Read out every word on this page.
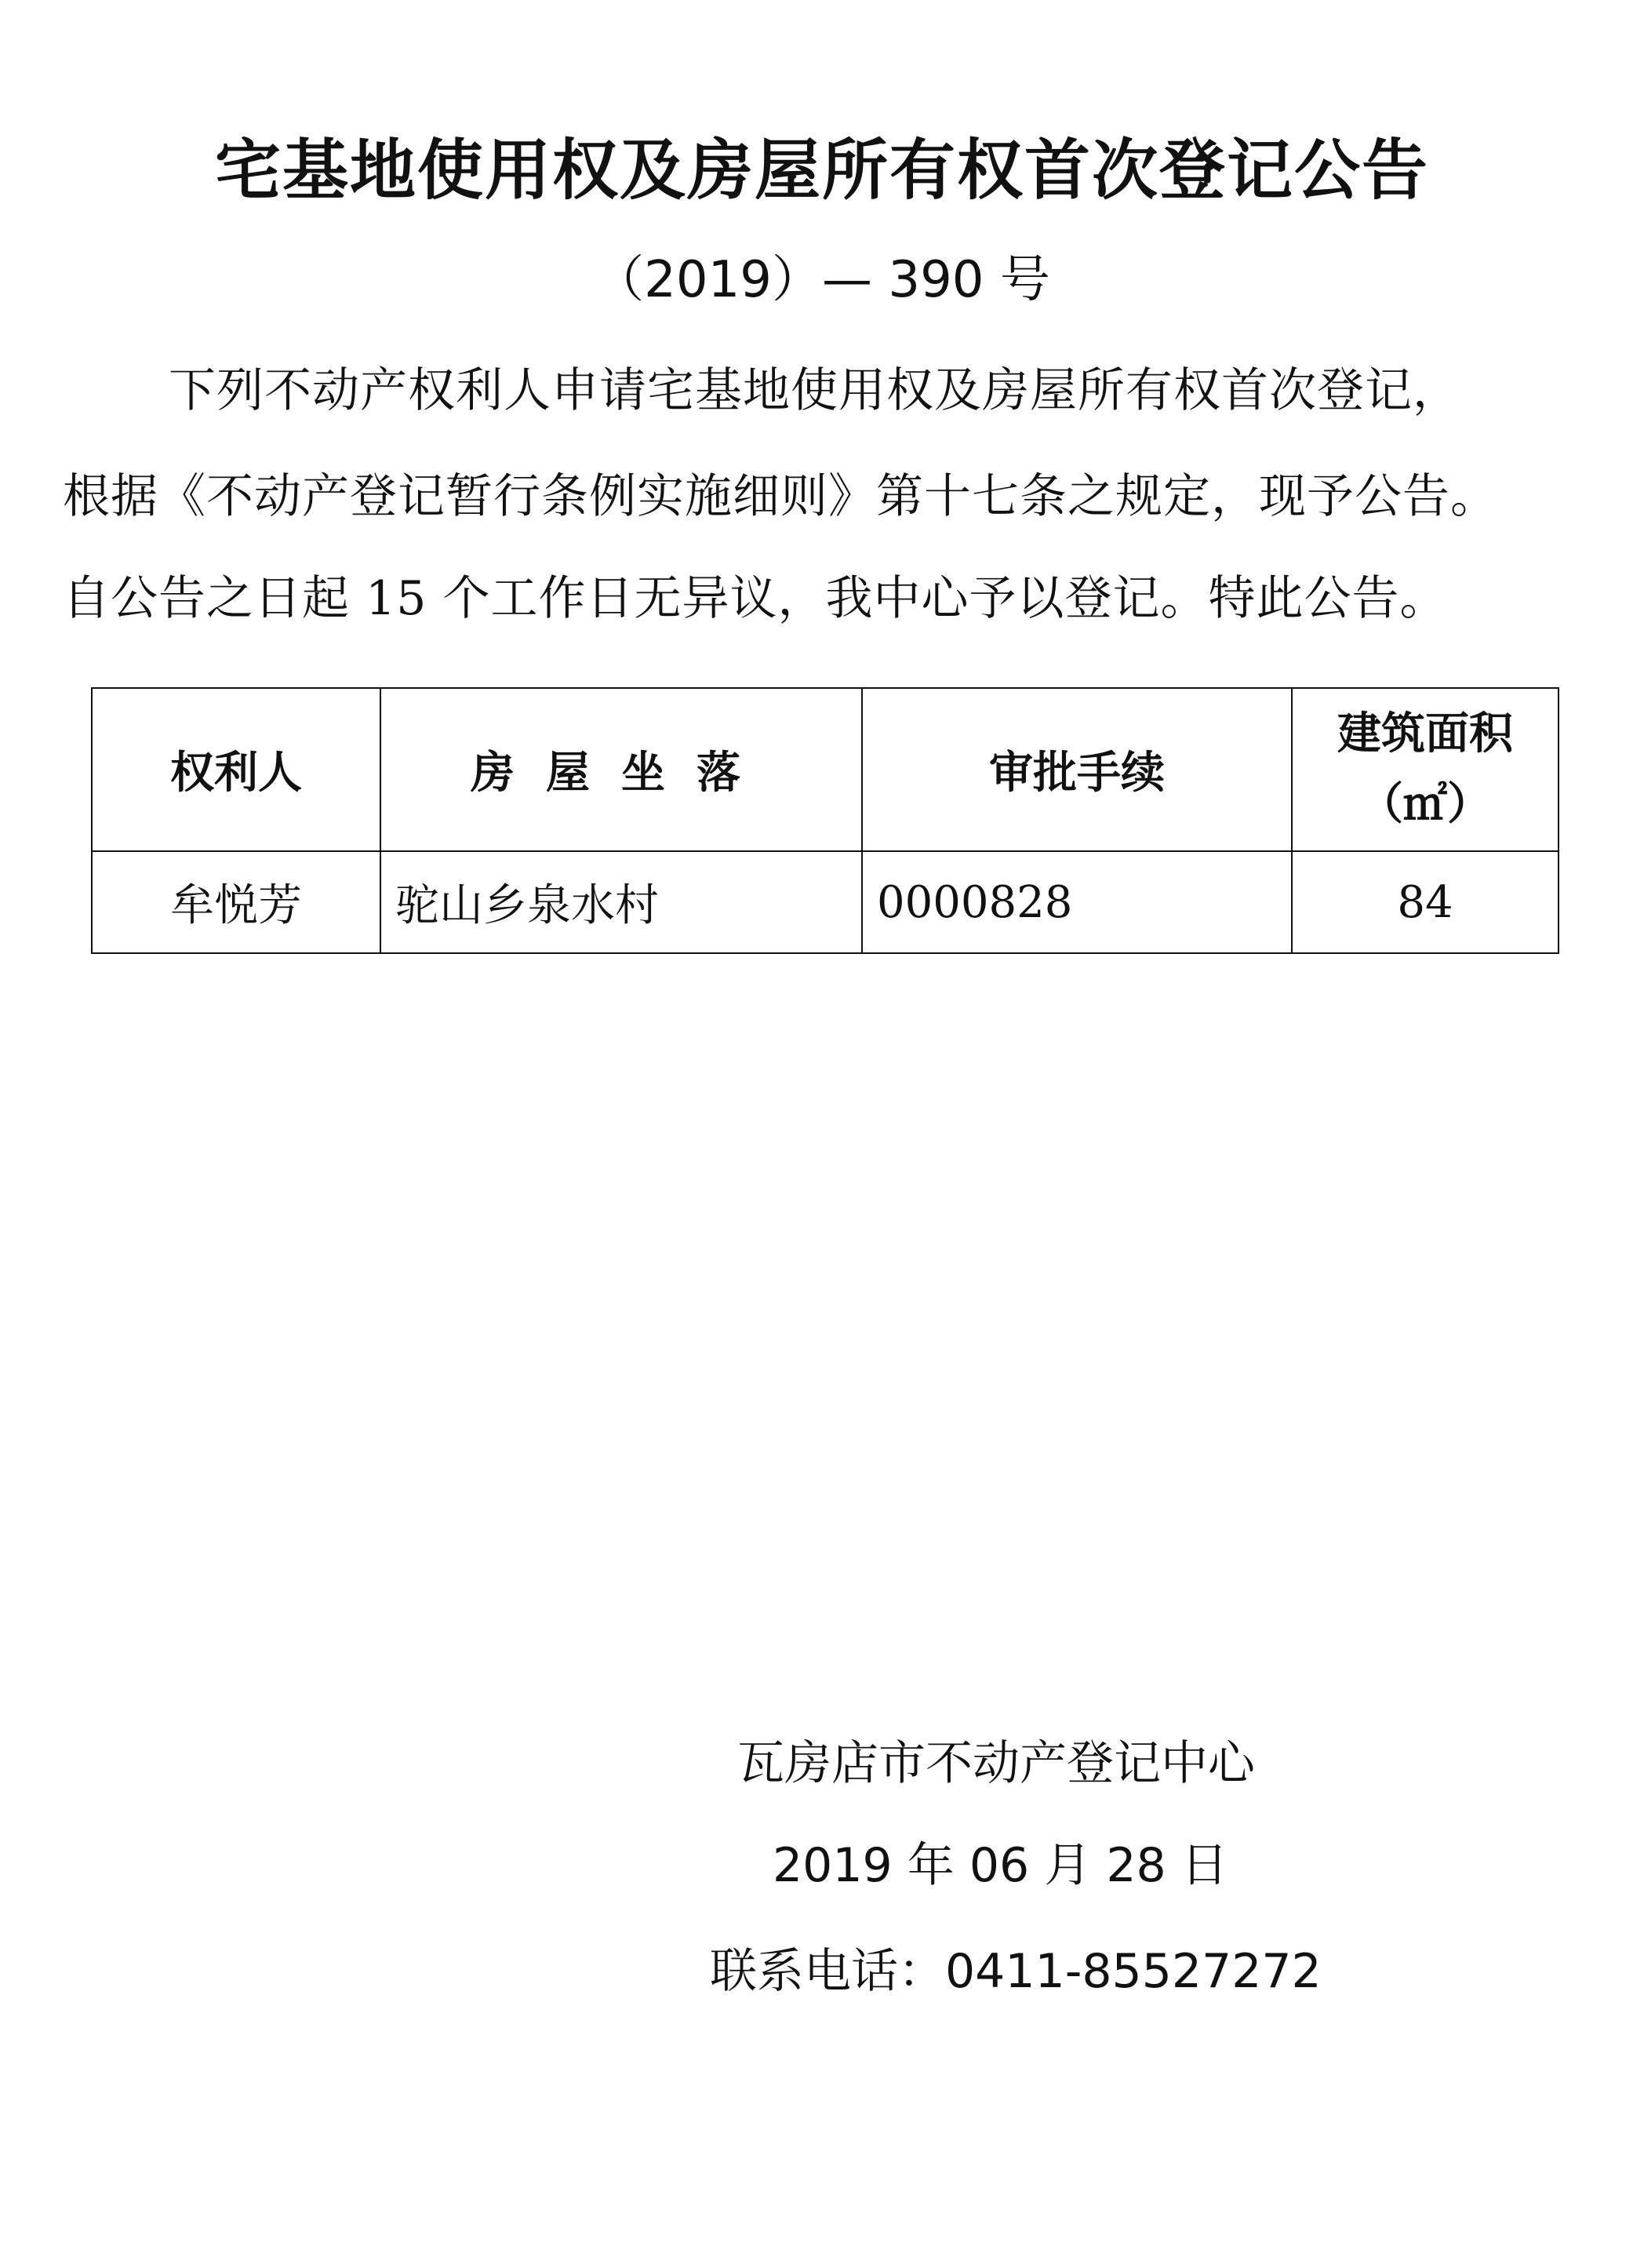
宅基地使用权及房屋所有权首次登记公告
（2019）— 390 号
下列不动产权利人申请宅基地使用权及房屋所有权首次登记，
根据《不动产登记暂行条例实施细则》第十七条之规定，现予公告。
自公告之日起 15 个工作日无异议，我中心予以登记。特此公告。
权利人	房屋坐落	审批手续	建筑面积
（㎡）

牟悦芳	驼山乡泉水村	0000828	84
瓦房店市不动产登记中心
2019 年 06 月 28 日
联系电话：0411-85527272
